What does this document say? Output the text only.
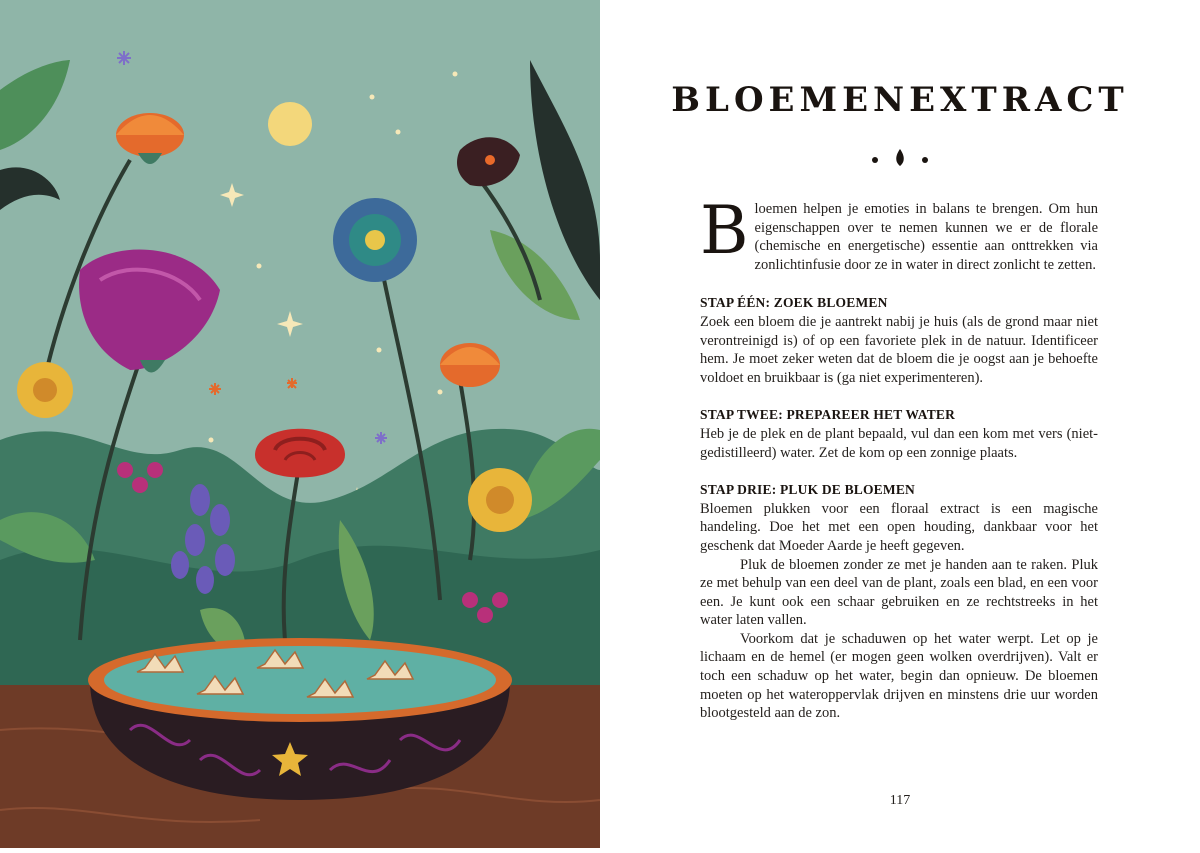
BLOEMENEXTRACT

Bloemen helpen je emoties in balans te brengen. Om hun eigenschappen over te nemen kunnen we er de florale (chemische en energetische) essentie aan onttrekken via zonlichtinfusie door ze in water in direct zonlicht te zetten.

STAP ÉÉN: ZOEK BLOEMEN

Zoek een bloem die je aantrekt nabij je huis (als de grond maar niet verontreinigd is) of op een favoriete plek in de natuur. Identificeer hem. Je moet zeker weten dat de bloem die je oogst aan je behoefte voldoet en bruikbaar is (ga niet experimenteren).

STAP TWEE: PREPAREER HET WATER

Heb je de plek en de plant bepaald, vul dan een kom met vers (niet-gedistilleerd) water. Zet de kom op een zonnige plaats.

STAP DRIE: PLUK DE BLOEMEN

Bloemen plukken voor een floraal extract is een magische handeling. Doe het met een open houding, dankbaar voor het geschenk dat Moeder Aarde je heeft gegeven.

Pluk de bloemen zonder ze met je handen aan te raken. Pluk ze met behulp van een deel van de plant, zoals een blad, en een voor een. Je kunt ook een schaar gebruiken en ze rechtstreeks in het water laten vallen.

Voorkom dat je schaduwen op het water werpt. Let op je lichaam en de hemel (er mogen geen wolken overdrijven). Valt er toch een schaduw op het water, begin dan opnieuw. De bloemen moeten op het wateroppervlak drijven en minstens drie uur worden blootgesteld aan de zon.

117
